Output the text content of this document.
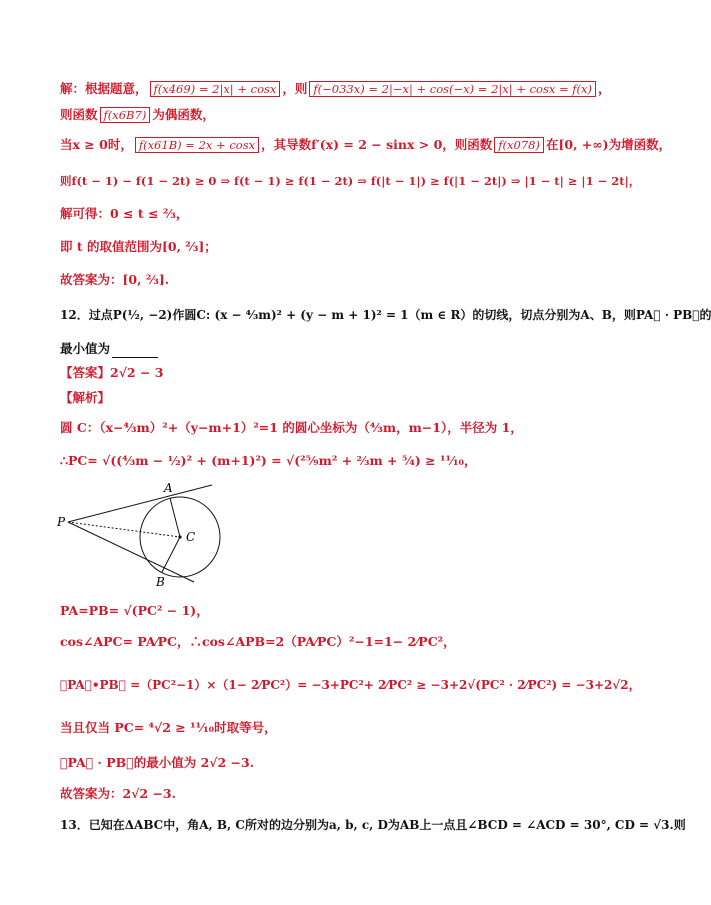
解：根据题意， f(x469) = 2|x| + cosx ，则 f(−033x) = 2|−x| + cos(−x) = 2|x| + cosx = f(x) ，
则函数 f(x6B7) 为偶函数，
当x ≥ 0时， f(x61B) = 2x + cosx ，其导数f′(x) = 2 − sinx > 0，则函数 f(x078) 在[0, +∞)为增函数，
则f(t − 1) − f(1 − 2t) ≥ 0 ⇒ f(t − 1) ≥ f(1 − 2t) ⇒ f(|t − 1|) ≥ f(|1 − 2t|) ⇒ |1 − t| ≥ |1 − 2t|，
解可得：0 ≤ t ≤ ²⁄₃，
即 t 的取值范围为[0, ²⁄₃]；
故答案为：[0, ²⁄₃].
12．过点P(½, −2)作圆C: (x − ⁴⁄₃m)² + (y − m + 1)² = 1（m ∈ R）的切线，切点分别为A、B，则PA⃗ · PB⃗的
最小值为
【答案】2√2 − 3
【解析】
圆 C：（x−⁴⁄₃m）²+（y−m+1）²=1 的圆心坐标为（⁴⁄₃m，m−1），半径为 1，
∴PC= √((⁴⁄₃m − ½)² + (m+1)²) = √(²⁵⁄₉m² + ⅔m + ⁵⁄₄) ≥ ¹¹⁄₁₀，
P
A
B
C
PA=PB= √(PC² − 1)，
cos∠APC= PA⁄PC，∴cos∠APB=2（PA⁄PC）²−1=1− 2⁄PC²，
∴PA⃗•PB⃗ =（PC²−1）×（1− 2⁄PC²）= −3+PC²+ 2⁄PC² ≥ −3+2√(PC² · 2⁄PC²) = −3+2√2，
当且仅当 PC= ⁴√2 ≥ ¹¹⁄₁₀时取等号，
∴PA⃗ · PB⃗的最小值为 2√2 −3.
故答案为：2√2 −3.
13．已知在ΔABC中，角A, B, C所对的边分别为a, b, c, D为AB上一点且∠BCD = ∠ACD = 30°, CD = √3.则
